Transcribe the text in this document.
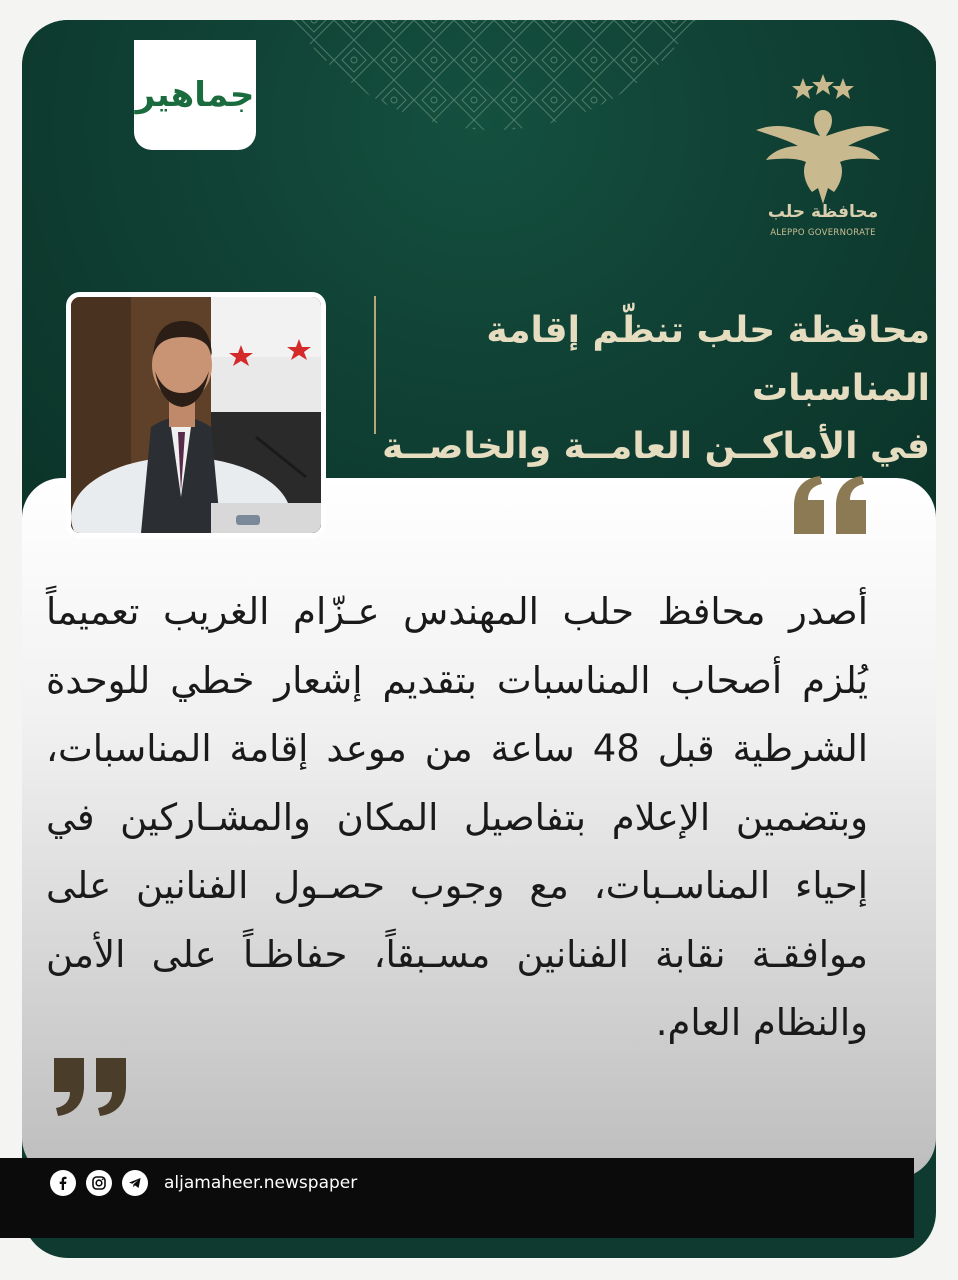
جماهير
محافظة حلب
ALEPPO GOVERNORATE
محافظة حلب تنظّم إقامة المناسبات
في الأماكــن العامــة والخاصــة
أصدر محافظ حلب المهندس عـزّام الغريب تعميماً يُلزم أصحاب المناسبات بتقديم إشعار خطي للوحدة الشرطية قبل 48 ساعة من موعد إقامة المناسبات، وبتضمين الإعلام بتفاصيل المكان والمشـاركين في إحياء المناسـبات، مع وجوب حصـول الفنانين على موافقـة نقابة الفنانين مسـبقاً، حفاظـاً على الأمن والنظام العام.
aljamaheer.newspaper
